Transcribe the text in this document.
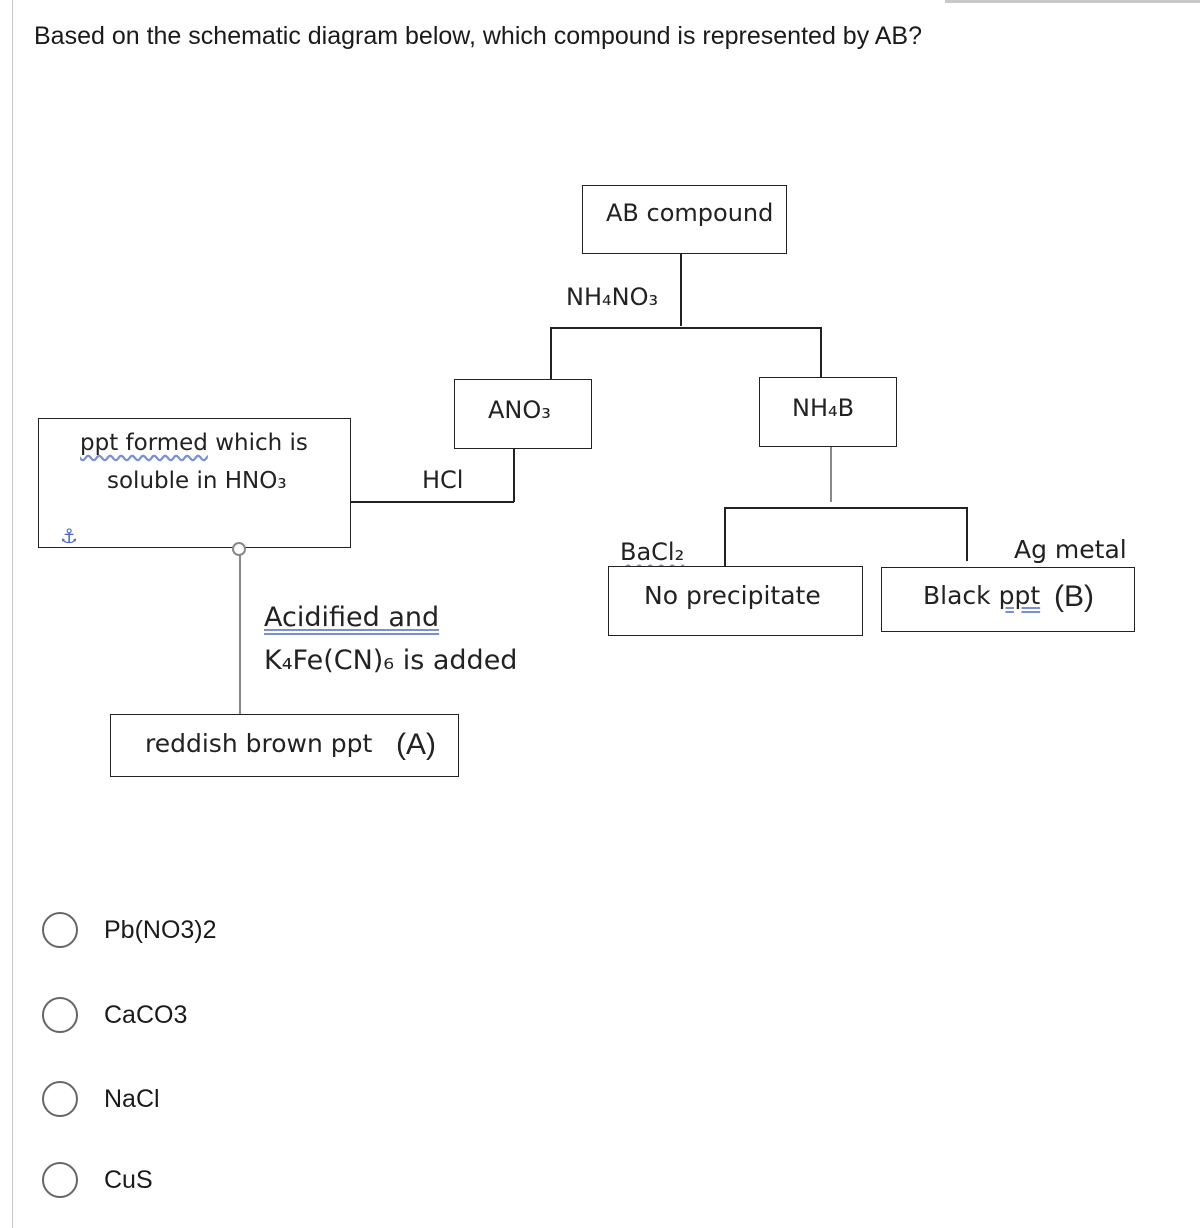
Based on the schematic diagram below, which compound is represented by AB?
AB compound
NH₄NO₃
ANO₃	NH₄B
HCl
ppt formed which is
soluble in HNO₃
⚓
Acidified and
K₄Fe(CN)₆ is added
reddish brown ppt (A)
BaCl₂
No precipitate
Ag metal
Black ppt (B)
Pb(NO3)2
CaCO3
NaCl
CuS
